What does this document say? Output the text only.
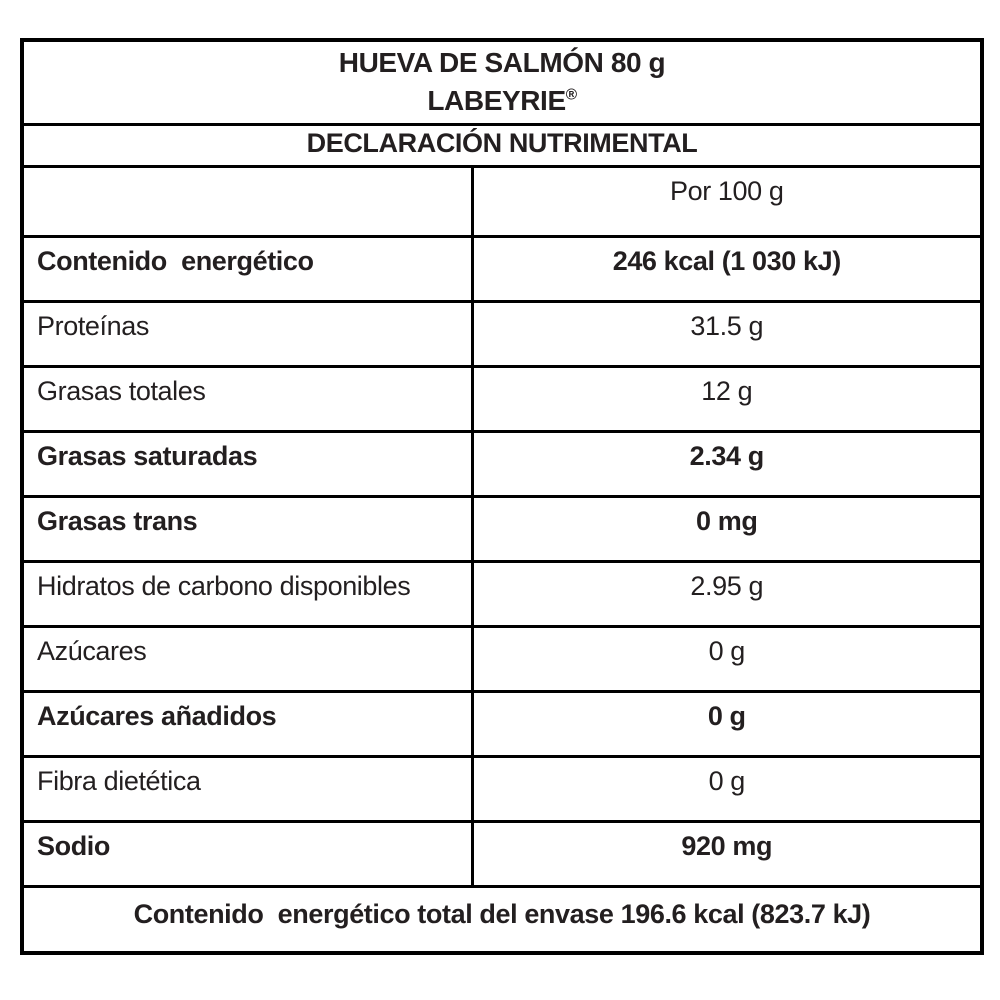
HUEVA DE SALMÓN 80 g
LABEYRIE®

DECLARACIÓN NUTRIMENTAL	
	Por 100 g
Contenido  energético	246 kcal (1 030 kJ)
Proteínas	31.5 g
Grasas totales	12 g
Grasas saturadas	2.34 g
Grasas trans	0 mg
Hidratos de carbono disponibles	2.95 g
Azúcares	0 g
Azúcares añadidos	0 g
Fibra dietética	0 g
Sodio	920 mg
Contenido  energético total del envase 196.6 kcal (823.7 kJ)	
